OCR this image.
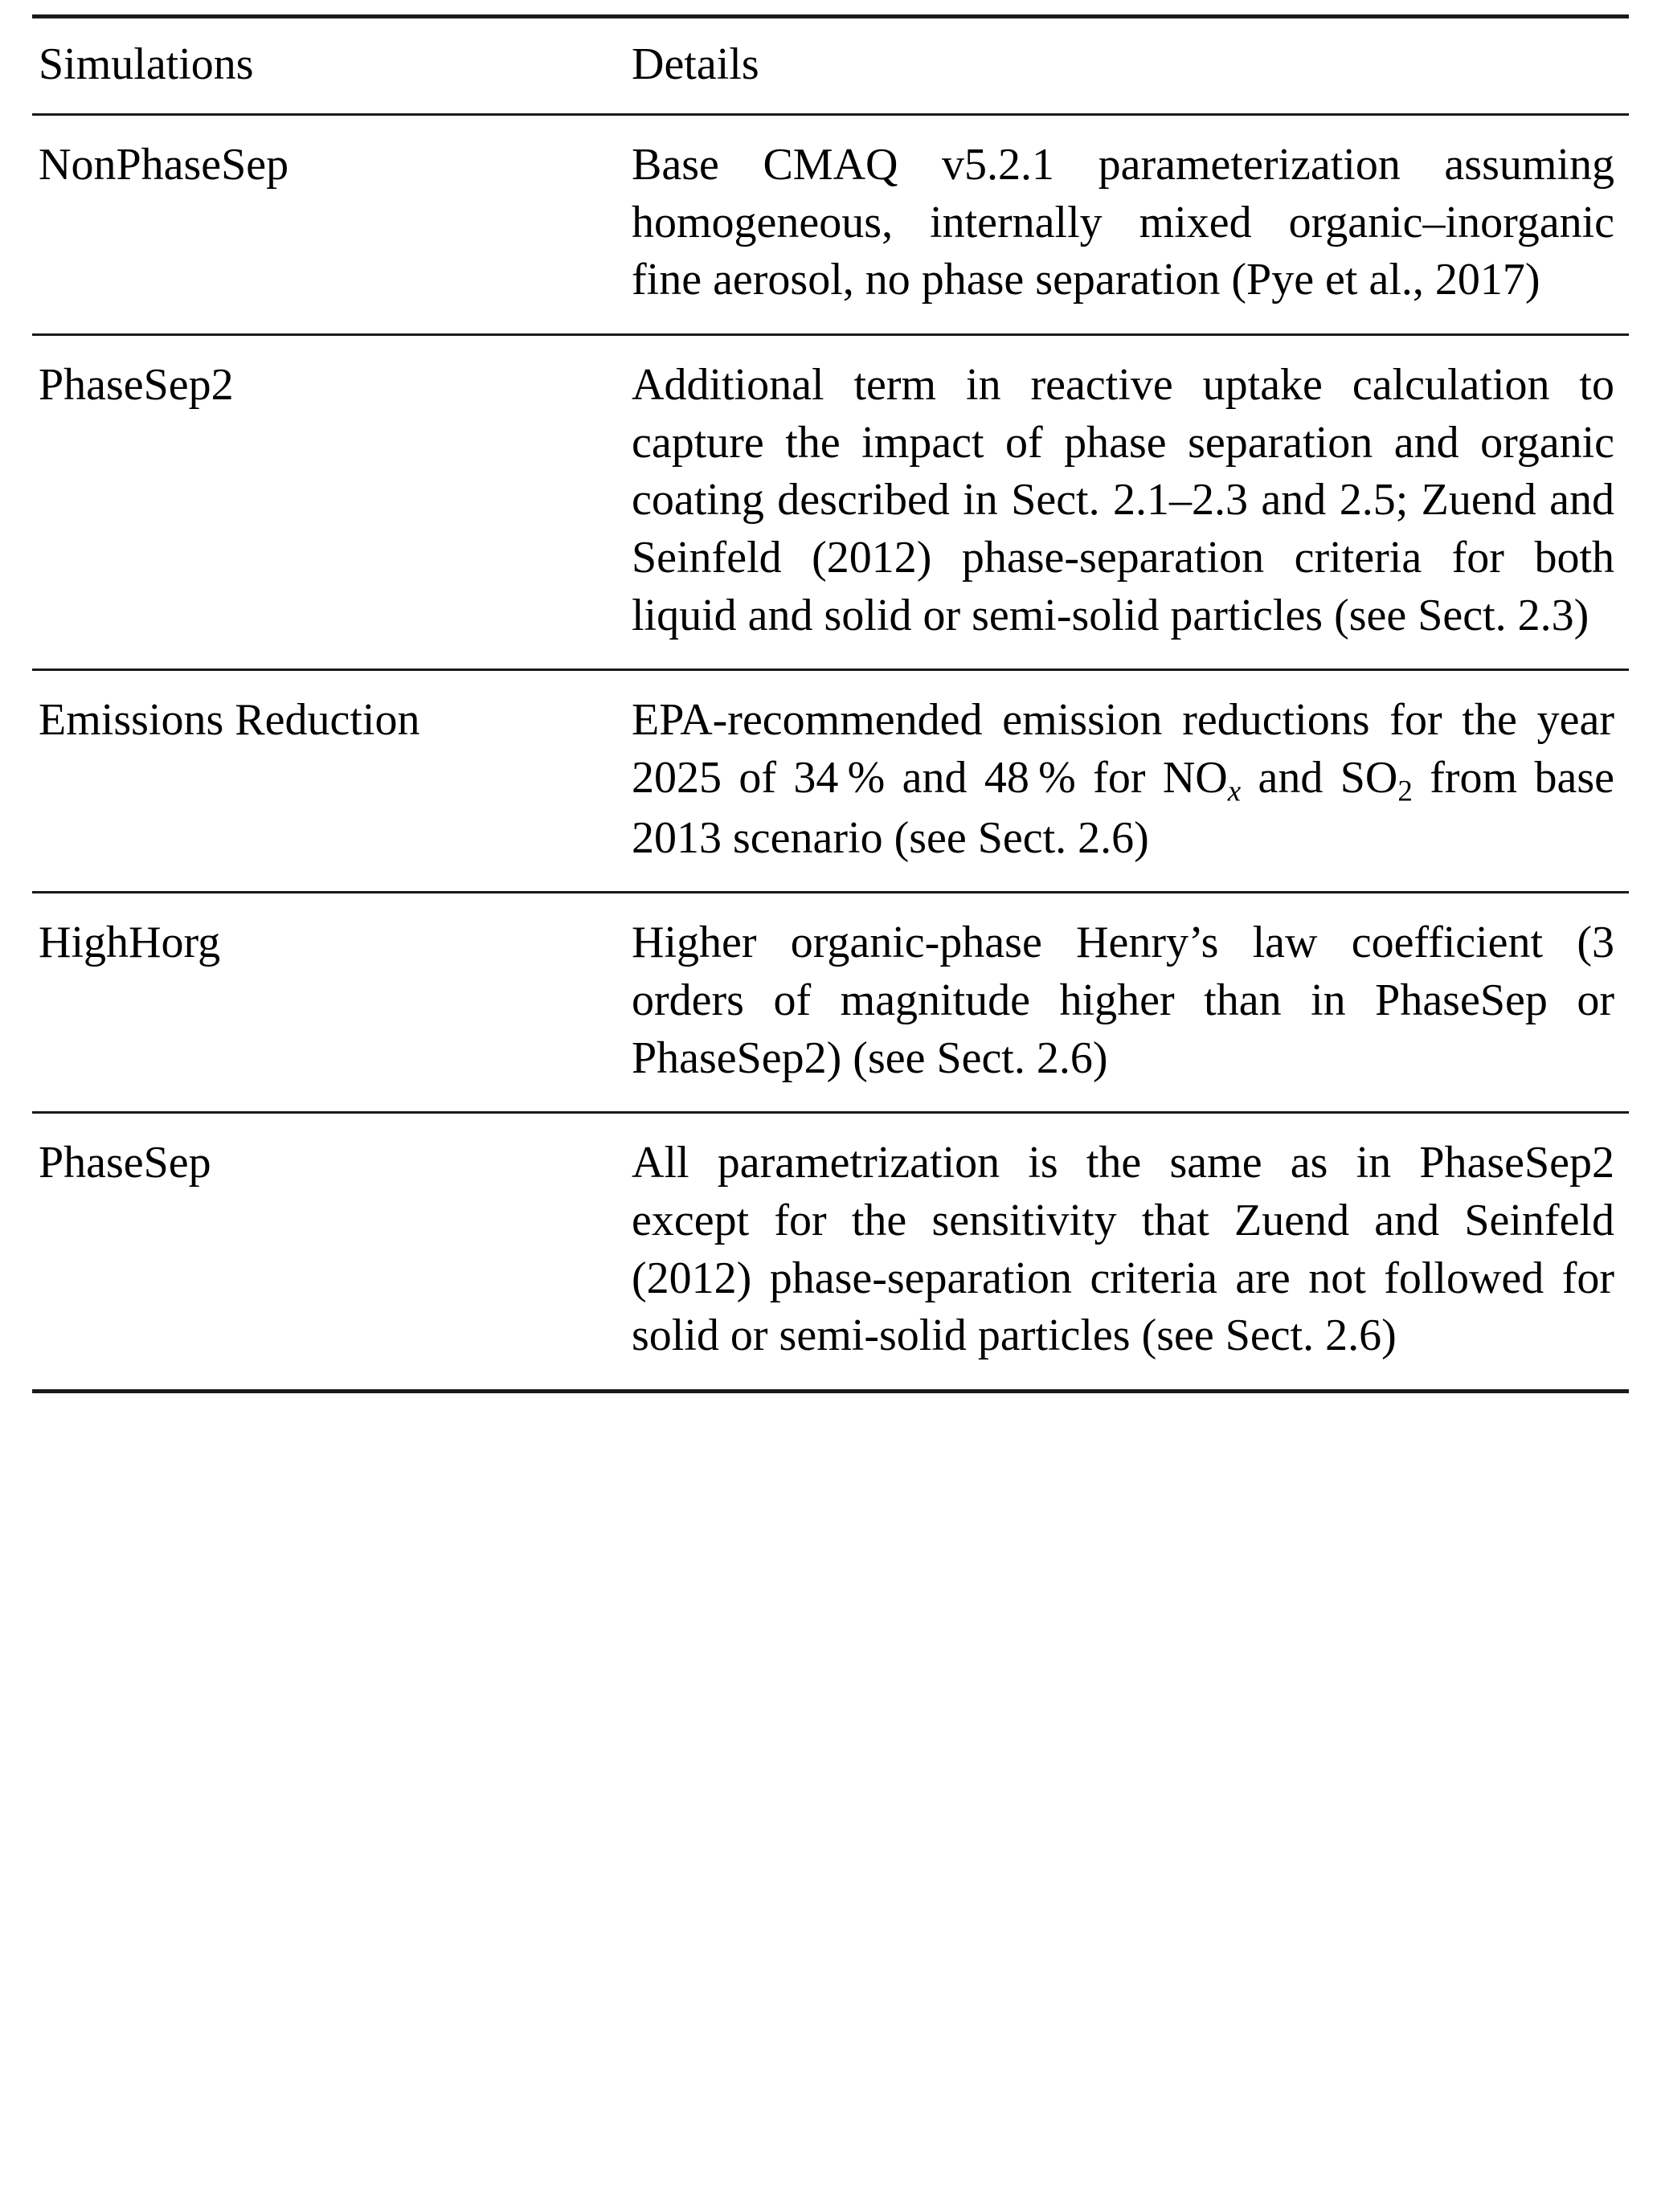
Simulations	Details

NonPhaseSep	Base CMAQ v5.2.1 parameterization assuming homogeneous, internally mixed organic–inorganic fine aerosol, no phase separation (Pye et al., 2017)

PhaseSep2	Additional term in reactive uptake calculation to capture the impact of phase separation and organic coating described in Sect. 2.1–2.3 and 2.5; Zuend and Seinfeld (2012) phase-separation criteria for both liquid and solid or semi-solid particles (see Sect. 2.3)

Emissions Reduction	EPA-recommended emission reductions for the year 2025 of 34 % and 48 % for $NO_x$ and $SO_2$ from base 2013 scenario (see Sect. 2.6)

HighHorg	Higher organic-phase Henry’s law coefficient (3 orders of magnitude higher than in PhaseSep or PhaseSep2) (see Sect. 2.6)

PhaseSep	All parametrization is the same as in PhaseSep2 except for the sensitivity that Zuend and Seinfeld (2012) phase-separation criteria are not followed for solid or semi-solid particles (see Sect. 2.6)
